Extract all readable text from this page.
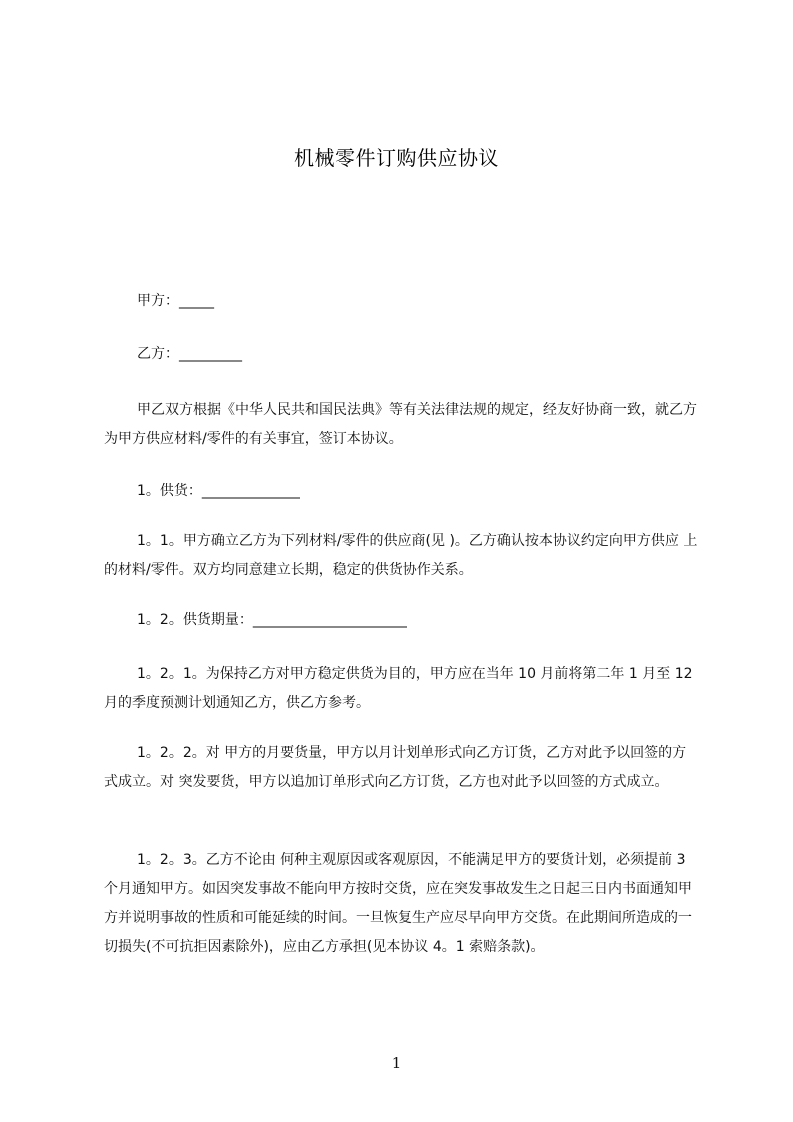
机械零件订购供应协议
甲方：_____
乙方：_________
甲乙双方根据《中华人民共和国民法典》等有关法律法规的规定，经友好协商一致，就乙方为甲方供应材料/零件的有关事宜，签订本协议。
1。供货：______________
1。1。甲方确立乙方为下列材料/零件的供应商(见 )。乙方确认按本协议约定向甲方供应 上的材料/零件。双方均同意建立长期，稳定的供货协作关系。
1。2。供货期量：______________________
1。2。1。为保持乙方对甲方稳定供货为目的，甲方应在当年 10 月前将第二年 1 月至 12 月的季度预测计划通知乙方，供乙方参考。
1。2。2。对 甲方的月要货量，甲方以月计划单形式向乙方订货，乙方对此予以回签的方式成立。对 突发要货，甲方以追加订单形式向乙方订货，乙方也对此予以回签的方式成立。
1。2。3。乙方不论由 何种主观原因或客观原因，不能满足甲方的要货计划，必须提前 3 个月通知甲方。如因突发事故不能向甲方按时交货，应在突发事故发生之日起三日内书面通知甲方并说明事故的性质和可能延续的时间。一旦恢复生产应尽早向甲方交货。在此期间所造成的一切损失(不可抗拒因素除外)，应由乙方承担(见本协议 4。1 索赔条款)。
1
